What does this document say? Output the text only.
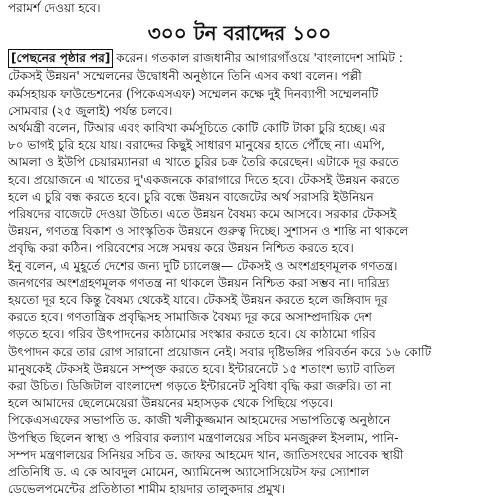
পরামর্শ দেওয়া হবে।
৩০০ টন বরাদ্দের ১০০
[পেছনের পৃষ্ঠার পর] করেন। গতকাল রাজধানীর আগারগাঁওয়ে 'বাংলাদেশ সামিট :
টেকসই উন্নয়ন' সম্মেলনের উদ্বোধনী অনুষ্ঠানে তিনি এসব কথা বলেন। পল্লী
কর্মসহায়ক ফাউন্ডেশনের (পিকেএসএফ) সম্মেলন কক্ষে দুই দিনব্যাপী সম্মেলনটি
সোমবার (২৫ জুলাই) পর্যন্ত চলবে।
অর্থমন্ত্রী বলেন, টিআর এবং কাবিখা কর্মসূচিতে কোটি কোটি টাকা চুরি হচ্ছে। এর
৮০ ভাগই চুরি হয়ে যায়। বরাদ্দের কিছুই সাধারণ মানুষের হাতে পৌঁছে না। এমপি,
আমলা ও ইউপি চেয়ারম্যানরা এ খাতে চুরির চক্র তৈরি করেছেন। এটাকে দূর করতে
হবে। প্রয়োজনে এ খাতের দু'একজনকে কারাগারে দিতে হবে। টেকসই উন্নয়ন করতে
হলে এ চুরি বন্ধ করতে হবে। চুরি বন্ধে উন্নয়ন বাজেটের অর্থ সরাসরি ইউনিয়ন
পরিষদের বাজেটে দেওয়া উচিত। এতে উন্নয়ন বৈষম্য কমে আসবে। সরকার টেকসই
উন্নয়ন, গণতন্ত্র বিকাশ ও সাংস্কৃতিক উন্নয়নে গুরুত্ব দিচ্ছে। সুশাসন ও শান্তি না থাকলে
প্রবৃদ্ধি করা কঠিন। পরিবেশের সঙ্গে সমন্বয় করে উন্নয়ন নিশ্চিত করতে হবে।
ইনু বলেন, এ মুহূর্তে দেশের জন্য দুটি চ্যালেঞ্জ— টেকসই ও অংশগ্রহণমূলক গণতন্ত্র।
জনগণের অংশগ্রহণমূলক গণতন্ত্র না থাকলে উন্নয়ন নিশ্চিত করা সম্ভব না। দারিদ্র্য
হয়তো দূর হবে কিন্তু বৈষম্য থেকেই যাবে। টেকসই উন্নয়ন করতে হলে জঙ্গিবাদ দূর
করতে হবে। গণতান্ত্রিক প্রবৃদ্ধিসহ সামাজিক বৈষম্য দূর করে অসাম্প্রদায়িক দেশ
গড়তে হবে। গরিব উৎপাদনের কাঠামোর সংস্কার করতে হবে। যে কাঠামো গরিব
উৎপাদন করে তার রোগ সারানো প্রয়োজন নেই। সবার দৃষ্টিভঙ্গির পরিবর্তন করে ১৬ কোটি
মানুষকেই টেকসই উন্নয়নে সম্পৃক্ত করতে হবে। ইন্টারনেটে ১৫ শতাংশ ভ্যাট বাতিল
করা উচিত। ডিজিটাল বাংলাদেশ গড়তে ইন্টারনেট সুবিধা বৃদ্ধি করা জরুরি। তা না
হলে আমাদের ছেলেমেয়েরা উন্নয়নের মহাসড়ক থেকে পিছিয়ে পড়বে।
পিকেএসএফের সভাপতি ড. কাজী খলীকুজ্জমান আহমেদের সভাপতিত্বে অনুষ্ঠানে
উপস্থিত ছিলেন স্বাস্থ্য ও পরিবার কল্যাণ মন্ত্রণালয়ের সচিব মনজুরুল ইসলাম, পানি-
সম্পদ মন্ত্রণালয়ের সিনিয়র সচিব ড. জাফর আহমেদ খান, জাতিসংঘের সাবেক স্থায়ী
প্রতিনিধি ড. এ কে আবদুল মোমেন, অ্যামিনেন্স অ্যাসোসিয়েটস ফর স্যোশাল
ডেভেলপমেন্টের প্রতিষ্ঠাতা শামীম হায়দার তালুকদার প্রমুখ।
